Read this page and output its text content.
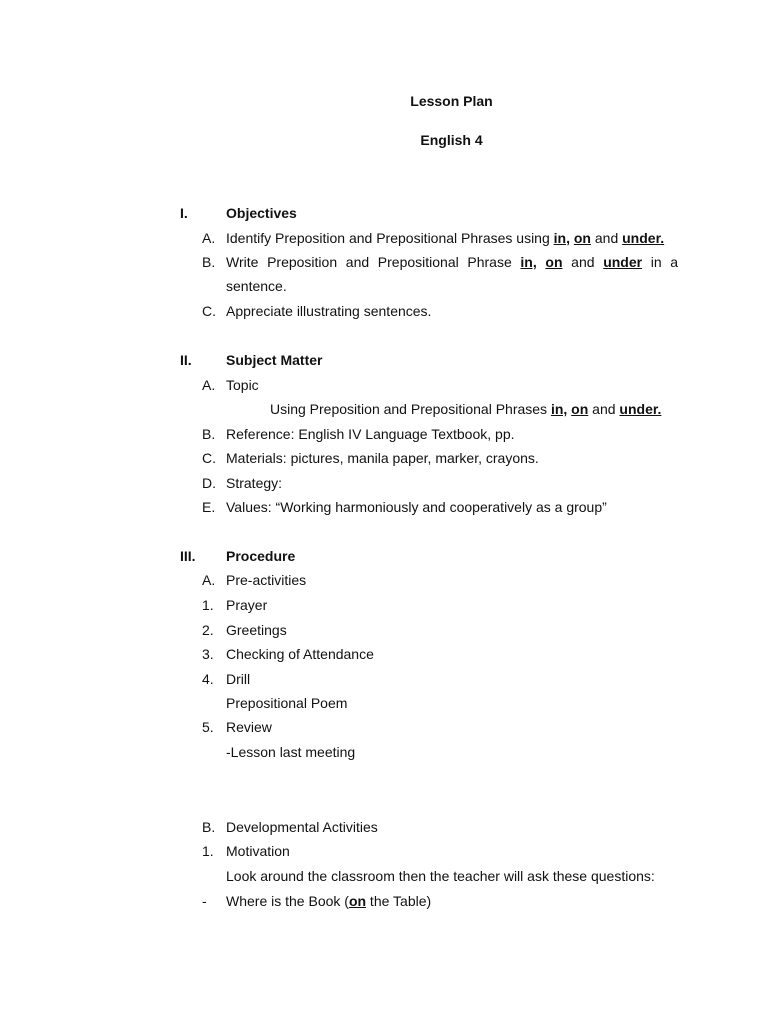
Lesson Plan
English 4
I.	Objectives
A. Identify Preposition and Prepositional Phrases using in, on and under.
B. Write Preposition and Prepositional Phrase in, on and under in a
sentence.
C. Appreciate illustrating sentences.
II. Subject Matter
A. Topic
Using Preposition and Prepositional Phrases in, on and under.
B. Reference: English IV Language Textbook, pp.
C. Materials: pictures, manila paper, marker, crayons.
D. Strategy:
E. Values: “Working harmoniously and cooperatively as a group”
III. Procedure
A. Pre-activities
1. Prayer
2. Greetings
3. Checking of Attendance
4. Drill
Prepositional Poem
5. Review
-Lesson last meeting
B. Developmental Activities
1. Motivation
Look around the classroom then the teacher will ask these questions:
-	Where is the Book (on the Table)
